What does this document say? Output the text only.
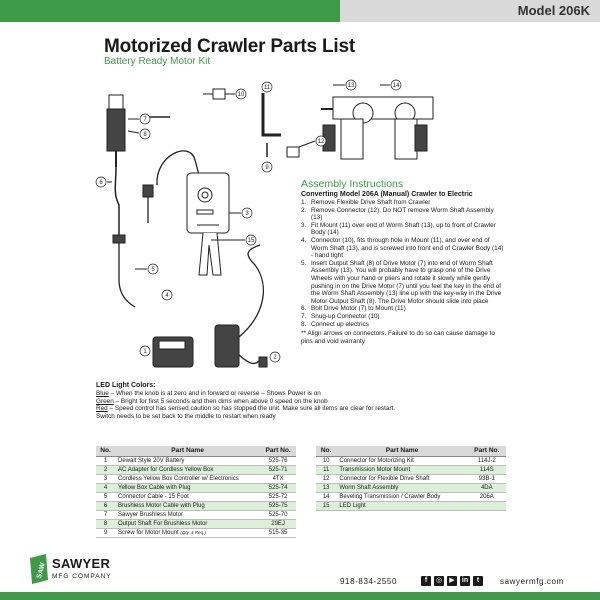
Model 206K
Motorized Crawler Parts List
Battery Ready Motor Kit
7
8
6
3
15
5
4
1
2
10
11
9
12
13	14
Assembly Instructions
Converting Model 206A (Manual) Crawler to Electric
1. Remove Flexible Drive Shaft from Crawler
2. Remove Connector (12). Do NOT remove Worm Shaft Assembly (13)
3. Fit Mount (11) over end of Worm Shaft (13), up to front of Crawler Body (14)
4. Connector (10), fits through hole in Mount (11), and over end of Worm Shaft (13), and is screwed into front end of Crawler Body (14) - hand tight
5. Insert Output Shaft (8) of Drive Motor (7) into end of Worm Shaft Assembly (13). You will probably have to grasp one of the Drive Wheels with your hand or pliers and rotate it slowly while gently pushing in on the Drive Motor (7) until you feel the key in the end of the Worm Shaft Assembly (13) line up with the key-way in the Drive Motor Output Shaft (8). The Drive Motor should slide into place
6. Bolt Drive Motor (7) to Mount (11)
7. Snug-up Connector (10)
8. Connect up electrics
** Align arrows on connectors. Failure to do so can cause damage to pins and void warranty
LED Light Colors:

Blue – When the knob is at zero and in forward or reverse – Shows Power is on

Green – Bright for first 5 seconds and then dims when above 0 speed on the knob

Red – Speed control has sensed caution so has stopped the unit. Make sure all items are clear for restart.

Switch needs to be set back to the middle to restart when ready

No.	Part Name	Part No.
1	Dewalt Style 20V Battery	525-76
2	AC Adapter for Cordless Yellow Box	525-71
3	Cordless Yellow Box Controller w/ Electronics	4TX
4	Yellow Box Cable with Plug	525-74
5	Connector Cable - 15 Foot	525-72
6	Brushless Motor Cable with Plug	525-75
7	Sawyer Brushless Motor	525-70
8	Output Shaft For Brushless Motor	29EJ
9	Screw for Motor Mount (Qty. 4 Req.)	515-35
No.	Part Name	Part No.
10	Connector for Motorizing Kit	114J-2
11	Transmission Motor Mount	114S
12	Connector for Flexible Drive Shaft	93B-1
13	Worm Shaft Assembly	4DA
14	Beveling Transmission / Crawler Body	206A
15	LED Light	
SAW SAWYER
MFG COMPANY
918-834-2550	f	◎	▶	in	t	sawyermfg.com
